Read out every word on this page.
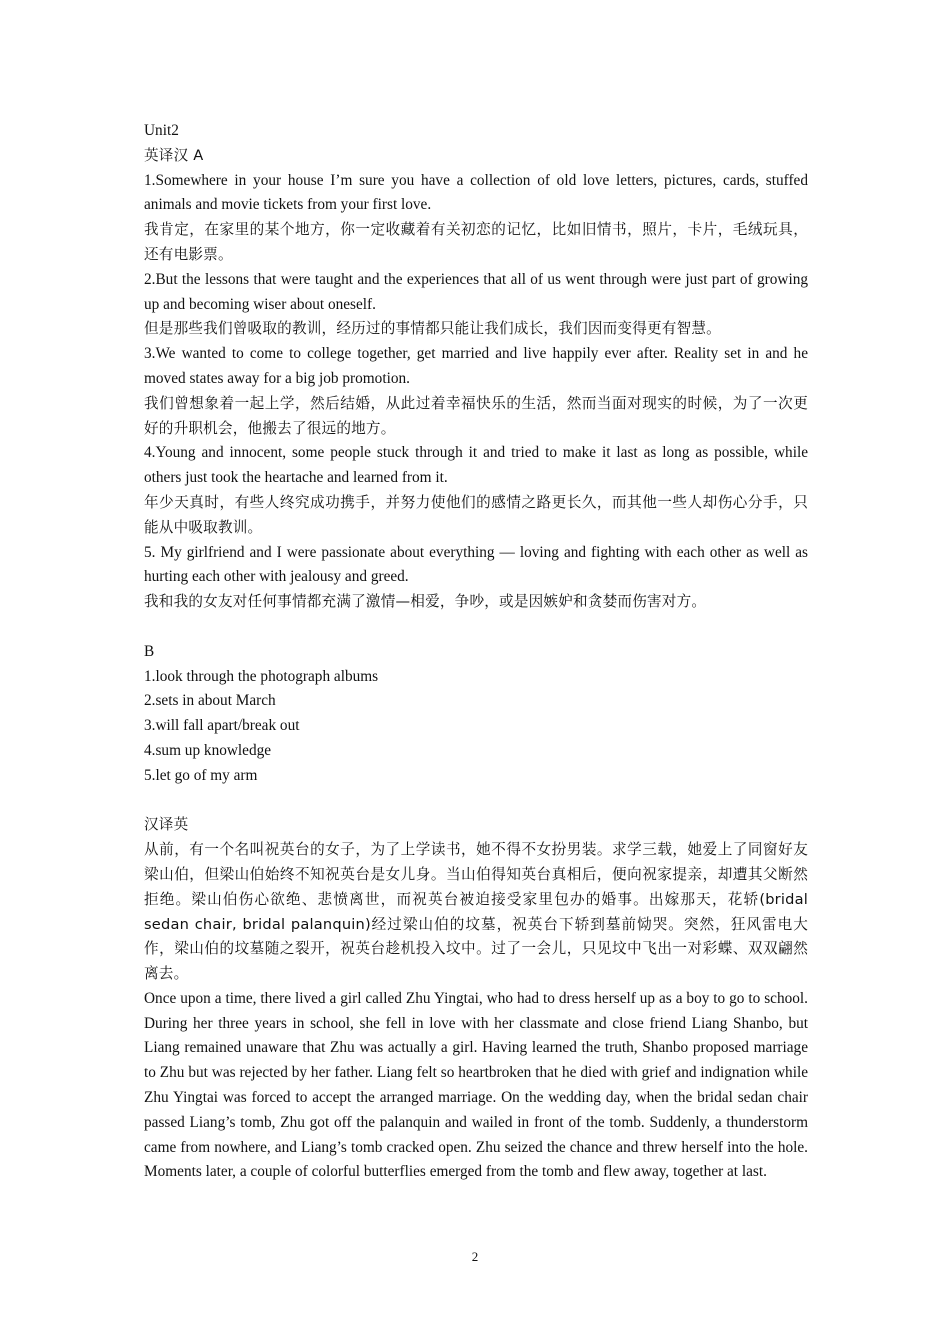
Unit2

英译汉 A

1.Somewhere in your house I’m sure you have a collection of old love letters, pictures, cards, stuffed animals and movie tickets from your first love.

我肯定，在家里的某个地方，你一定收藏着有关初恋的记忆，比如旧情书，照片，卡片，毛绒玩具，还有电影票。

2.But the lessons that were taught and the experiences that all of us went through were just part of growing up and becoming wiser about oneself.

但是那些我们曾吸取的教训，经历过的事情都只能让我们成长，我们因而变得更有智慧。

3.We wanted to come to college together, get married and live happily ever after. Reality set in and he moved states away for a big job promotion.

我们曾想象着一起上学，然后结婚，从此过着幸福快乐的生活，然而当面对现实的时候，为了一次更好的升职机会，他搬去了很远的地方。

4.Young and innocent, some people stuck through it and tried to make it last as long as possible, while others just took the heartache and learned from it.

年少天真时，有些人终究成功携手，并努力使他们的感情之路更长久，而其他一些人却伤心分手，只能从中吸取教训。

5. My girlfriend and I were passionate about everything — loving and fighting with each other as well as hurting each other with jealousy and greed.

我和我的女友对任何事情都充满了激情—相爱，争吵，或是因嫉妒和贪婪而伤害对方。

B

1.look through the photograph albums

2.sets in about March

3.will fall apart/break out

4.sum up knowledge

5.let go of my arm

汉译英

从前，有一个名叫祝英台的女子，为了上学读书，她不得不女扮男装。求学三载，她爱上了同窗好友梁山伯，但梁山伯始终不知祝英台是女儿身。当山伯得知英台真相后，便向祝家提亲，却遭其父断然拒绝。梁山伯伤心欲绝、悲愤离世，而祝英台被迫接受家里包办的婚事。出嫁那天，花轿(bridal sedan chair, bridal palanquin)经过梁山伯的坟墓，祝英台下轿到墓前恸哭。突然，狂风雷电大作，梁山伯的坟墓随之裂开，祝英台趁机投入坟中。过了一会儿，只见坟中飞出一对彩蝶、双双翩然离去。

Once upon a time, there lived a girl called Zhu Yingtai, who had to dress herself up as a boy to go to school. During her three years in school, she fell in love with her classmate and close friend Liang Shanbo, but Liang remained unaware that Zhu was actually a girl. Having learned the truth, Shanbo proposed marriage to Zhu but was rejected by her father. Liang felt so heartbroken that he died with grief and indignation while Zhu Yingtai was forced to accept the arranged marriage. On the wedding day, when the bridal sedan chair passed Liang’s tomb, Zhu got off the palanquin and wailed in front of the tomb. Suddenly, a thunderstorm came from nowhere, and Liang’s tomb cracked open. Zhu seized the chance and threw herself into the hole. Moments later, a couple of colorful butterflies emerged from the tomb and flew away, together at last.

2
